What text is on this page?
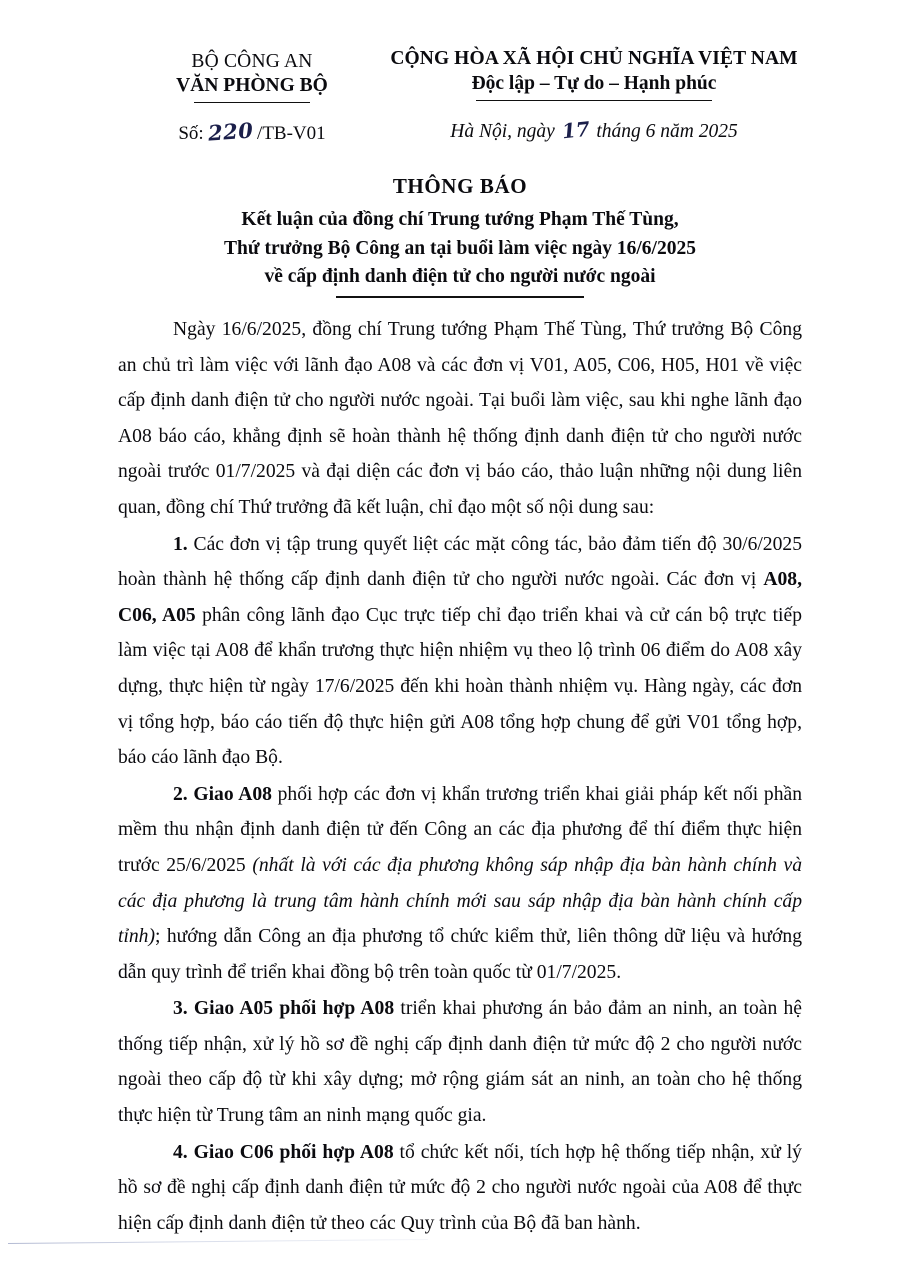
BỘ CÔNG AN
VĂN PHÒNG BỘ
Số: 220 /TB-V01
CỘNG HÒA XÃ HỘI CHỦ NGHĨA VIỆT NAM
Độc lập – Tự do – Hạnh phúc
Hà Nội, ngày 17 tháng 6 năm 2025
THÔNG BÁO
Kết luận của đồng chí Trung tướng Phạm Thế Tùng,
Thứ trưởng Bộ Công an tại buổi làm việc ngày 16/6/2025
về cấp định danh điện tử cho người nước ngoài

Ngày 16/6/2025, đồng chí Trung tướng Phạm Thế Tùng, Thứ trưởng Bộ Công an chủ trì làm việc với lãnh đạo A08 và các đơn vị V01, A05, C06, H05, H01 về việc cấp định danh điện tử cho người nước ngoài. Tại buổi làm việc, sau khi nghe lãnh đạo A08 báo cáo, khẳng định sẽ hoàn thành hệ thống định danh điện tử cho người nước ngoài trước 01/7/2025 và đại diện các đơn vị báo cáo, thảo luận những nội dung liên quan, đồng chí Thứ trưởng đã kết luận, chỉ đạo một số nội dung sau:

1. Các đơn vị tập trung quyết liệt các mặt công tác, bảo đảm tiến độ 30/6/2025 hoàn thành hệ thống cấp định danh điện tử cho người nước ngoài. Các đơn vị A08, C06, A05 phân công lãnh đạo Cục trực tiếp chỉ đạo triển khai và cử cán bộ trực tiếp làm việc tại A08 để khẩn trương thực hiện nhiệm vụ theo lộ trình 06 điểm do A08 xây dựng, thực hiện từ ngày 17/6/2025 đến khi hoàn thành nhiệm vụ. Hàng ngày, các đơn vị tổng hợp, báo cáo tiến độ thực hiện gửi A08 tổng hợp chung để gửi V01 tổng hợp, báo cáo lãnh đạo Bộ.

2. Giao A08 phối hợp các đơn vị khẩn trương triển khai giải pháp kết nối phần mềm thu nhận định danh điện tử đến Công an các địa phương để thí điểm thực hiện trước 25/6/2025 (nhất là với các địa phương không sáp nhập địa bàn hành chính và các địa phương là trung tâm hành chính mới sau sáp nhập địa bàn hành chính cấp tỉnh); hướng dẫn Công an địa phương tổ chức kiểm thử, liên thông dữ liệu và hướng dẫn quy trình để triển khai đồng bộ trên toàn quốc từ 01/7/2025.

3. Giao A05 phối hợp A08 triển khai phương án bảo đảm an ninh, an toàn hệ thống tiếp nhận, xử lý hồ sơ đề nghị cấp định danh điện tử mức độ 2 cho người nước ngoài theo cấp độ từ khi xây dựng; mở rộng giám sát an ninh, an toàn cho hệ thống thực hiện từ Trung tâm an ninh mạng quốc gia.

4. Giao C06 phối hợp A08 tổ chức kết nối, tích hợp hệ thống tiếp nhận, xử lý hồ sơ đề nghị cấp định danh điện tử mức độ 2 cho người nước ngoài của A08 để thực hiện cấp định danh điện tử theo các Quy trình của Bộ đã ban hành.
